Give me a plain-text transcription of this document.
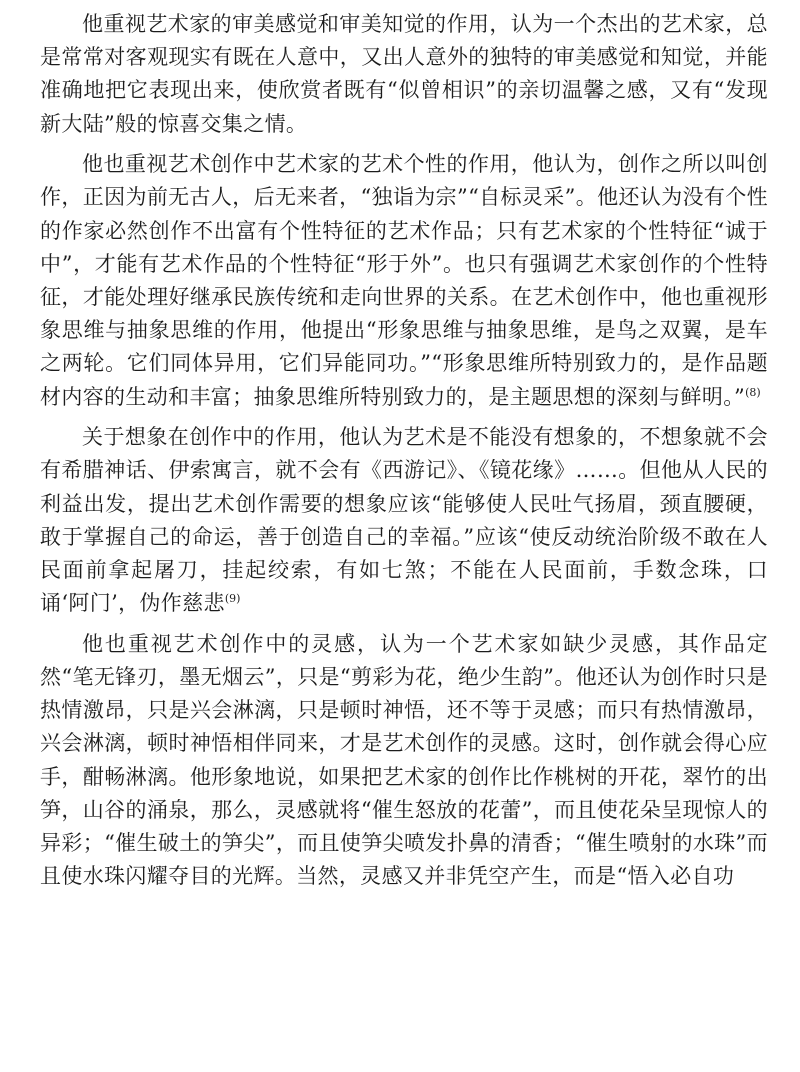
他重视艺术家的审美感觉和审美知觉的作用，认为一个杰出的艺术家，总是常常对客观现实有既在人意中，又出人意外的独特的审美感觉和知觉，并能准确地把它表现出来，使欣赏者既有“似曾相识”的亲切温馨之感，又有“发现新大陆”般的惊喜交集之情。

他也重视艺术创作中艺术家的艺术个性的作用，他认为，创作之所以叫创作，正因为前无古人，后无来者，“独诣为宗”“自标灵采”。他还认为没有个性的作家必然创作不出富有个性特征的艺术作品；只有艺术家的个性特征“诚于中”，才能有艺术作品的个性特征“形于外”。也只有强调艺术家创作的个性特征，才能处理好继承民族传统和走向世界的关系。在艺术创作中，他也重视形象思维与抽象思维的作用，他提出“形象思维与抽象思维，是鸟之双翼，是车之两轮。它们同体异用，它们异能同功。”“形象思维所特别致力的，是作品题材内容的生动和丰富；抽象思维所特别致力的，是主题思想的深刻与鲜明。”$^{(8)}$

关于想象在创作中的作用，他认为艺术是不能没有想象的，不想象就不会有希腊神话、伊索寓言，就不会有《西游记》、《镜花缘》……。但他从人民的利益出发，提出艺术创作需要的想象应该“能够使人民吐气扬眉，颈直腰硬，敢于掌握自己的命运，善于创造自己的幸福。”应该“使反动统治阶级不敢在人民面前拿起屠刀，挂起绞索，有如七煞；不能在人民面前，手数念珠，口诵‘阿门’，伪作慈悲$^{(9)}$

他也重视艺术创作中的灵感，认为一个艺术家如缺少灵感，其作品定然“笔无锋刃，墨无烟云”，只是“剪彩为花，绝少生韵”。他还认为创作时只是热情激昂，只是兴会淋漓，只是顿时神悟，还不等于灵感；而只有热情激昂，兴会淋漓，顿时神悟相伴同来，才是艺术创作的灵感。这时，创作就会得心应手，酣畅淋漓。他形象地说，如果把艺术家的创作比作桃树的开花，翠竹的出笋，山谷的涌泉，那么，灵感就将“催生怒放的花蕾”，而且使花朵呈现惊人的异彩；“催生破土的笋尖”，而且使笋尖喷发扑鼻的清香；“催生喷射的水珠”而且使水珠闪耀夺目的光辉。当然，灵感又并非凭空产生，而是“悟入必自功
